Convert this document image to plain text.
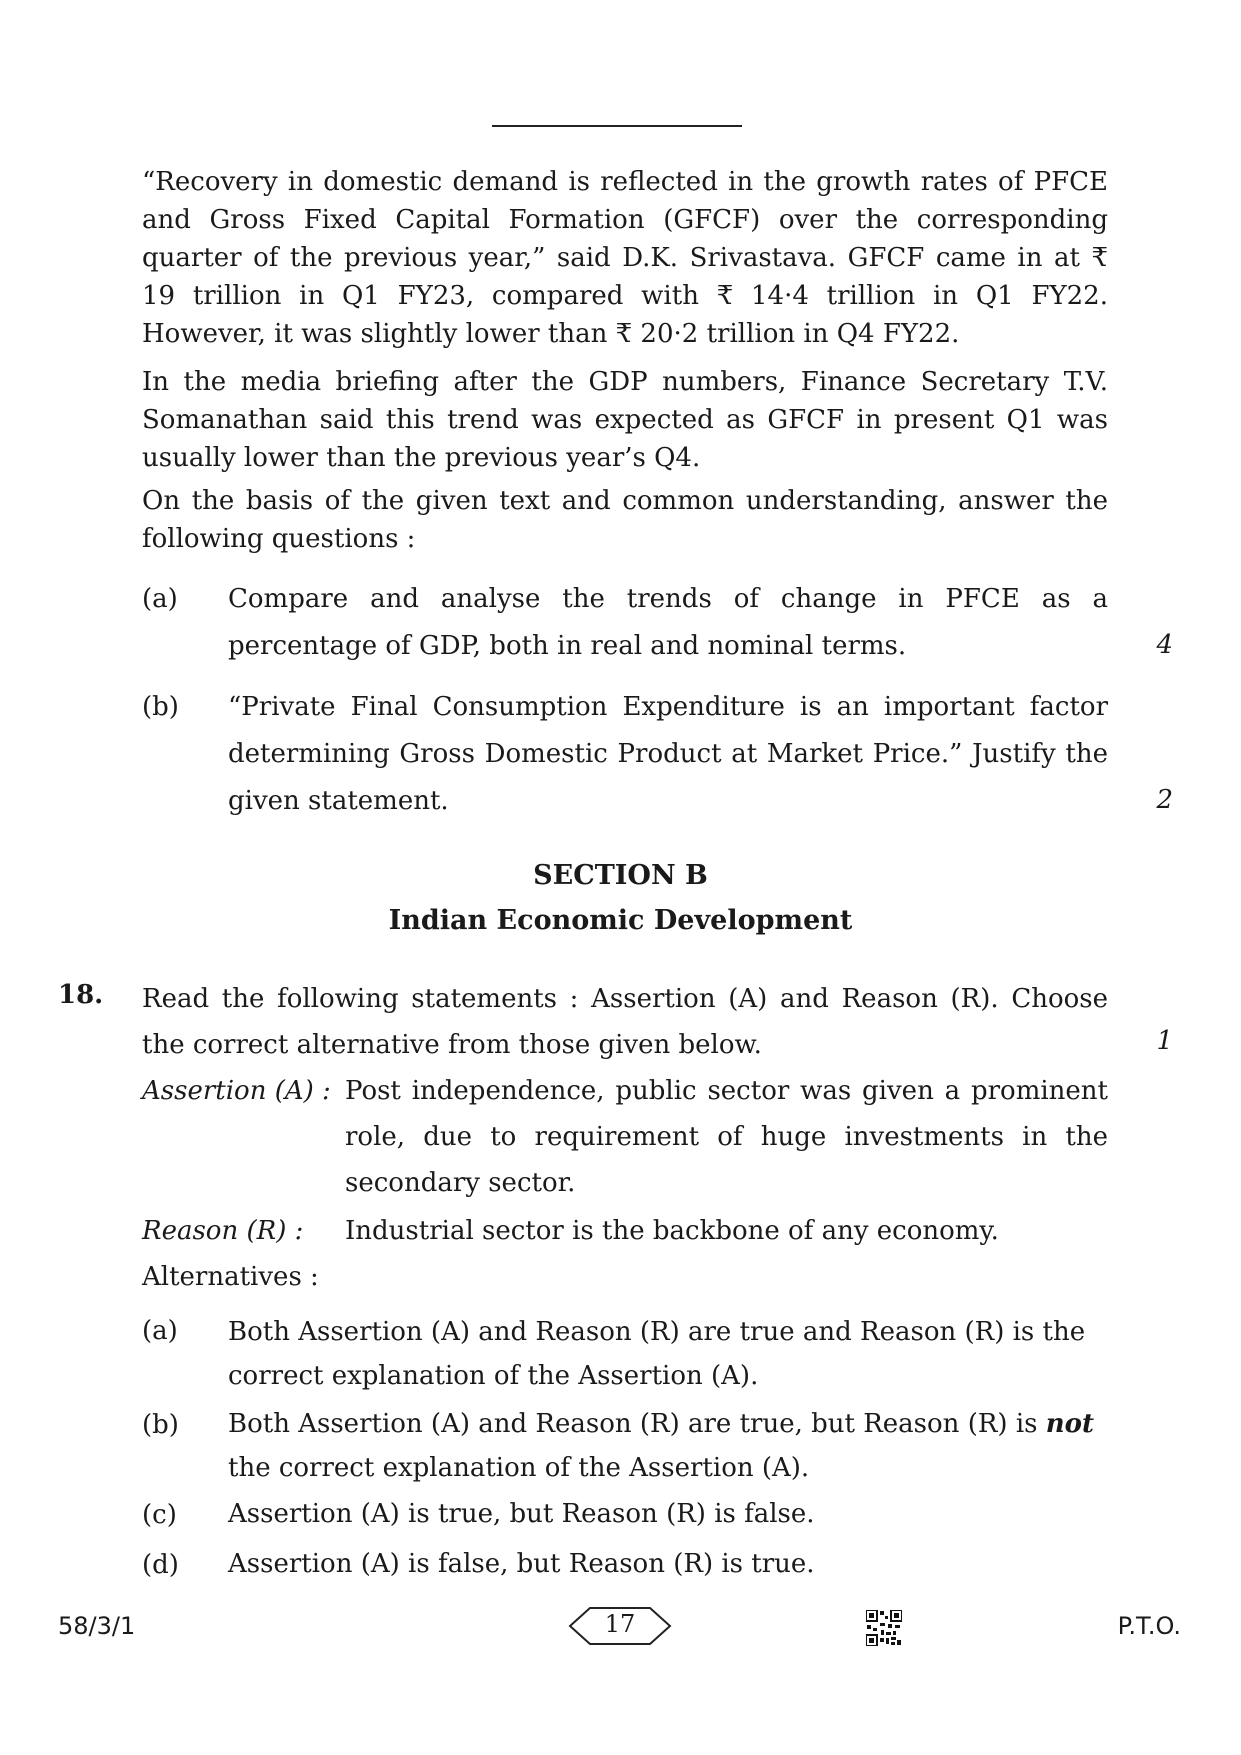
“Recovery in domestic demand is reflected in the growth rates of PFCE and Gross Fixed Capital Formation (GFCF) over the corresponding quarter of the previous year,” said D.K. Srivastava. GFCF came in at ₹ 19 trillion in Q1 FY23, compared with ₹ 14·4 trillion in Q1 FY22. However, it was slightly lower than ₹ 20·2 trillion in Q4 FY22.

In the media briefing after the GDP numbers, Finance Secretary T.V. Somanathan said this trend was expected as GFCF in present Q1 was usually lower than the previous year’s Q4.

On the basis of the given text and common understanding, answer the following questions :

(a) Compare and analyse the trends of change in PFCE as a percentage of GDP, both in real and nominal terms.	4
(b) “Private Final Consumption Expenditure is an important factor determining Gross Domestic Product at Market Price.” Justify the given statement.	2
SECTION B
Indian Economic Development
18. Read the following statements : Assertion (A) and Reason (R). Choose the correct alternative from those given below.	1
Assertion (A) : Post independence, public sector was given a prominent role, due to requirement of huge investments in the secondary sector.

Reason (R) : Industrial sector is the backbone of any economy.

Alternatives :
(a) Both Assertion (A) and Reason (R) are true and Reason (R) is the correct explanation of the Assertion (A).

(b) Both Assertion (A) and Reason (R) are true, but Reason (R) is not the correct explanation of the Assertion (A).

(c) Assertion (A) is true, but Reason (R) is false.

(d) Assertion (A) is false, but Reason (R) is true.

58/3/1	17	P.T.O.
